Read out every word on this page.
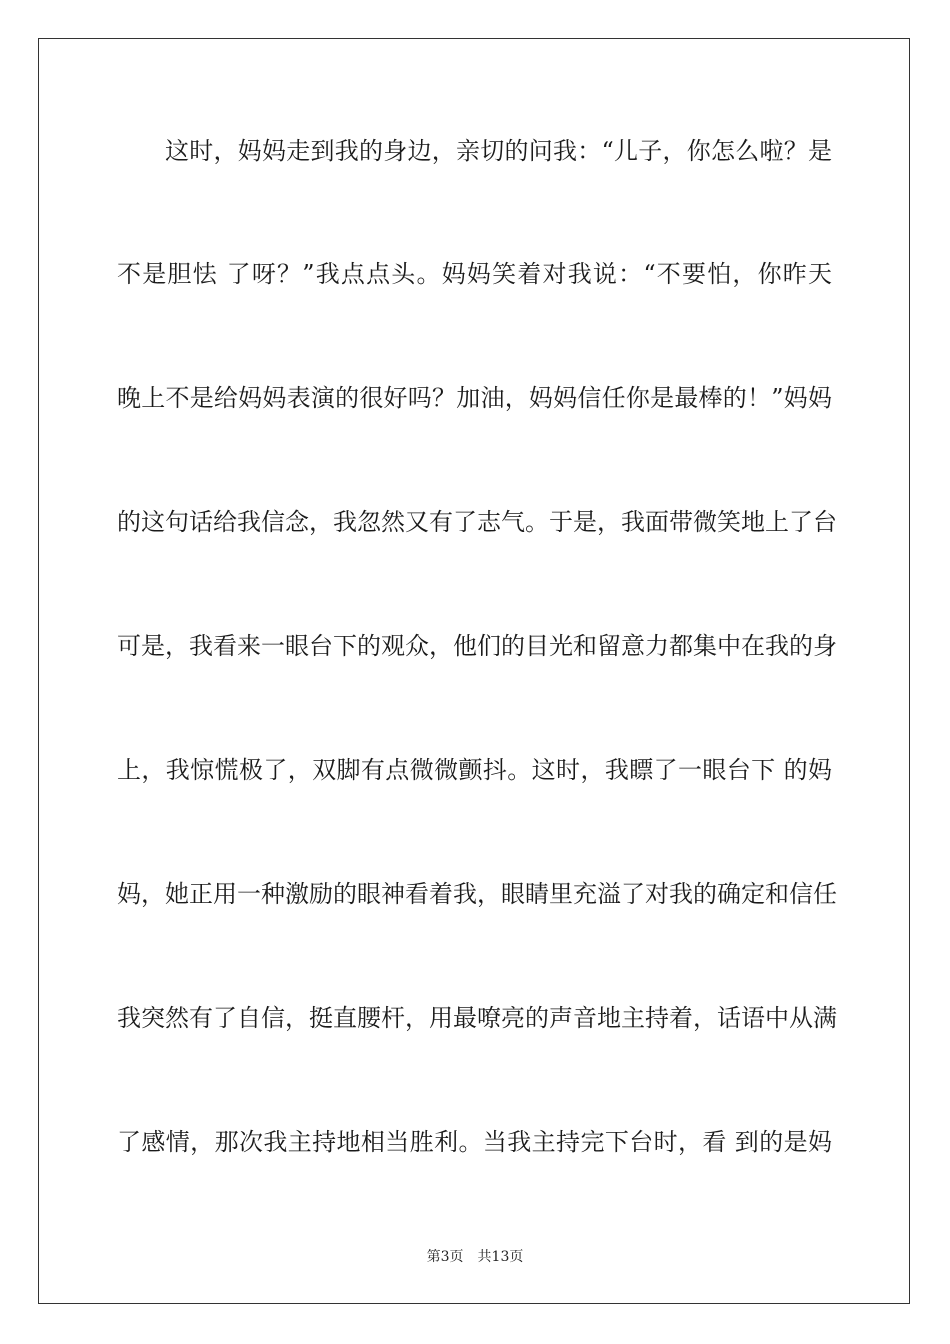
这时，妈妈走到我的身边，亲切的问我：“儿子，你怎么啦？是
不是胆怯 了呀？”我点点头。妈妈笑着对我说：“不要怕，你昨天
晚上不是给妈妈表演的很好吗？加油，妈妈信任你是最棒的！”妈妈
的这句话给我信念，我忽然又有了志气。于是，我面带微笑地上了台
可是，我看来一眼台下的观众，他们的目光和留意力都集中在我的身
上，我惊慌极了，双脚有点微微颤抖。这时，我瞟了一眼台下 的妈
妈，她正用一种激励的眼神看着我，眼睛里充溢了对我的确定和信任
我突然有了自信，挺直腰杆，用最嘹亮的声音地主持着，话语中从满
了感情，那次我主持地相当胜利。当我主持完下台时，看 到的是妈
第3页 共13页
